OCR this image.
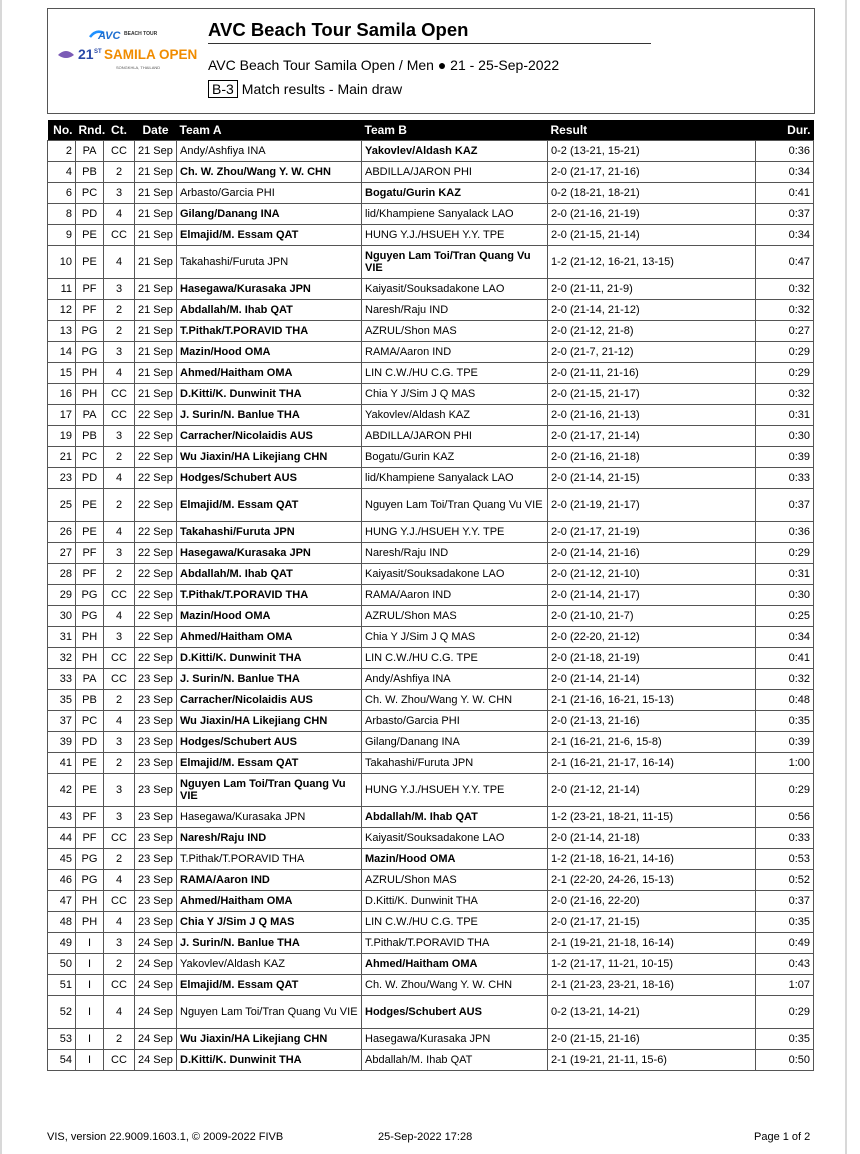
AVC BEACH TOUR
21 ST SAMILA OPEN
SONGKHLA, THAILAND
AVC Beach Tour Samila Open
AVC Beach Tour Samila Open / Men ● 21 - 25-Sep-2022
B-3 Match results - Main draw
No.	Rnd.	Ct.	Date	Team A	Team B	Result	Dur.
2	PA	CC	21 Sep	Andy/Ashfiya INA	Yakovlev/Aldash KAZ	0-2 (13-21, 15-21)	0:36
4	PB	2	21 Sep	Ch. W. Zhou/Wang Y. W. CHN	ABDILLA/JARON PHI	2-0 (21-17, 21-16)	0:34
6	PC	3	21 Sep	Arbasto/Garcia PHI	Bogatu/Gurin KAZ	0-2 (18-21, 18-21)	0:41
8	PD	4	21 Sep	Gilang/Danang INA	lid/Khampiene Sanyalack LAO	2-0 (21-16, 21-19)	0:37
9	PE	CC	21 Sep	Elmajid/M. Essam QAT	HUNG Y.J./HSUEH Y.Y. TPE	2-0 (21-15, 21-14)	0:34
10	PE	4	21 Sep	Takahashi/Furuta JPN	Nguyen Lam Toi/Tran Quang Vu VIE	1-2 (21-12, 16-21, 13-15)	0:47
11	PF	3	21 Sep	Hasegawa/Kurasaka JPN	Kaiyasit/Souksadakone LAO	2-0 (21-11, 21-9)	0:32
12	PF	2	21 Sep	Abdallah/M. Ihab QAT	Naresh/Raju IND	2-0 (21-14, 21-12)	0:32
13	PG	2	21 Sep	T.Pithak/T.PORAVID THA	AZRUL/Shon MAS	2-0 (21-12, 21-8)	0:27
14	PG	3	21 Sep	Mazin/Hood OMA	RAMA/Aaron IND	2-0 (21-7, 21-12)	0:29
15	PH	4	21 Sep	Ahmed/Haitham OMA	LIN C.W./HU C.G. TPE	2-0 (21-11, 21-16)	0:29
16	PH	CC	21 Sep	D.Kitti/K. Dunwinit THA	Chia Y J/Sim J Q MAS	2-0 (21-15, 21-17)	0:32
17	PA	CC	22 Sep	J. Surin/N. Banlue THA	Yakovlev/Aldash KAZ	2-0 (21-16, 21-13)	0:31
19	PB	3	22 Sep	Carracher/Nicolaidis AUS	ABDILLA/JARON PHI	2-0 (21-17, 21-14)	0:30
21	PC	2	22 Sep	Wu Jiaxin/HA Likejiang CHN	Bogatu/Gurin KAZ	2-0 (21-16, 21-18)	0:39
23	PD	4	22 Sep	Hodges/Schubert AUS	lid/Khampiene Sanyalack LAO	2-0 (21-14, 21-15)	0:33
25	PE	2	22 Sep	Elmajid/M. Essam QAT	Nguyen Lam Toi/Tran Quang Vu VIE	2-0 (21-19, 21-17)	0:37
26	PE	4	22 Sep	Takahashi/Furuta JPN	HUNG Y.J./HSUEH Y.Y. TPE	2-0 (21-17, 21-19)	0:36
27	PF	3	22 Sep	Hasegawa/Kurasaka JPN	Naresh/Raju IND	2-0 (21-14, 21-16)	0:29
28	PF	2	22 Sep	Abdallah/M. Ihab QAT	Kaiyasit/Souksadakone LAO	2-0 (21-12, 21-10)	0:31
29	PG	CC	22 Sep	T.Pithak/T.PORAVID THA	RAMA/Aaron IND	2-0 (21-14, 21-17)	0:30
30	PG	4	22 Sep	Mazin/Hood OMA	AZRUL/Shon MAS	2-0 (21-10, 21-7)	0:25
31	PH	3	22 Sep	Ahmed/Haitham OMA	Chia Y J/Sim J Q MAS	2-0 (22-20, 21-12)	0:34
32	PH	CC	22 Sep	D.Kitti/K. Dunwinit THA	LIN C.W./HU C.G. TPE	2-0 (21-18, 21-19)	0:41
33	PA	CC	23 Sep	J. Surin/N. Banlue THA	Andy/Ashfiya INA	2-0 (21-14, 21-14)	0:32
35	PB	2	23 Sep	Carracher/Nicolaidis AUS	Ch. W. Zhou/Wang Y. W. CHN	2-1 (21-16, 16-21, 15-13)	0:48
37	PC	4	23 Sep	Wu Jiaxin/HA Likejiang CHN	Arbasto/Garcia PHI	2-0 (21-13, 21-16)	0:35
39	PD	3	23 Sep	Hodges/Schubert AUS	Gilang/Danang INA	2-1 (16-21, 21-6, 15-8)	0:39
41	PE	2	23 Sep	Elmajid/M. Essam QAT	Takahashi/Furuta JPN	2-1 (16-21, 21-17, 16-14)	1:00
42	PE	3	23 Sep	Nguyen Lam Toi/Tran Quang Vu VIE	HUNG Y.J./HSUEH Y.Y. TPE	2-0 (21-12, 21-14)	0:29
43	PF	3	23 Sep	Hasegawa/Kurasaka JPN	Abdallah/M. Ihab QAT	1-2 (23-21, 18-21, 11-15)	0:56
44	PF	CC	23 Sep	Naresh/Raju IND	Kaiyasit/Souksadakone LAO	2-0 (21-14, 21-18)	0:33
45	PG	2	23 Sep	T.Pithak/T.PORAVID THA	Mazin/Hood OMA	1-2 (21-18, 16-21, 14-16)	0:53
46	PG	4	23 Sep	RAMA/Aaron IND	AZRUL/Shon MAS	2-1 (22-20, 24-26, 15-13)	0:52
47	PH	CC	23 Sep	Ahmed/Haitham OMA	D.Kitti/K. Dunwinit THA	2-0 (21-16, 22-20)	0:37
48	PH	4	23 Sep	Chia Y J/Sim J Q MAS	LIN C.W./HU C.G. TPE	2-0 (21-17, 21-15)	0:35
49	I	3	24 Sep	J. Surin/N. Banlue THA	T.Pithak/T.PORAVID THA	2-1 (19-21, 21-18, 16-14)	0:49
50	I	2	24 Sep	Yakovlev/Aldash KAZ	Ahmed/Haitham OMA	1-2 (21-17, 11-21, 10-15)	0:43
51	I	CC	24 Sep	Elmajid/M. Essam QAT	Ch. W. Zhou/Wang Y. W. CHN	2-1 (21-23, 23-21, 18-16)	1:07
52	I	4	24 Sep	Nguyen Lam Toi/Tran Quang Vu VIE	Hodges/Schubert AUS	0-2 (13-21, 14-21)	0:29
53	I	2	24 Sep	Wu Jiaxin/HA Likejiang CHN	Hasegawa/Kurasaka JPN	2-0 (21-15, 21-16)	0:35
54	I	CC	24 Sep	D.Kitti/K. Dunwinit THA	Abdallah/M. Ihab QAT	2-1 (19-21, 21-11, 15-6)	0:50
VIS, version 22.9009.1603.1, © 2009-2022 FIVB	25-Sep-2022 17:28	Page 1 of 2
